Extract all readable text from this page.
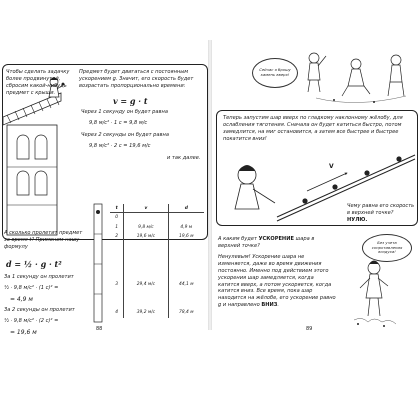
Чтобы сделать задачку более продвинутой, сбросим какой-нибудь предмет с крыши.

Предмет будет двигаться с постоянным ускорением g. Значит, его скорость будет возрастать пропорционально времени:

v = g · t

Через 1 секунду он будет равна

9,8 м/с² · 1 с = 9,8 м/с

Через 2 секунды он будет равна

9,8 м/с² · 2 с = 19,6 м/с

и так далее.

А сколько пролетит предмет за время t? Применим нашу формулу

d = ½ · g · t²

За 1 секунду он пролетит

½ · 9,8 м/с² · (1 с)² =

= 4,9 м

За 2 секунды он пролетит

½ · 9,8 м/с² · (2 с)² =

= 19,6 м

t	v	d
0		
1	9,8 м/с	4,9 м
2	19,6 м/с	19,6 м

3	29,4 м/с	44,1 м

4	39,2 м/с	78,4 м
88
Сейчас я брошу камень вверх!

Теперь запустим шар вверх по гладкому наклонному жёлобу, для ослабления тяготения. Сначала он будет катиться быстро, потом замедлится, на миг остановится, а затем все быстрее и быстрее покатится вниз!

V

Чему равна его скорость в верхней точке? НУЛЮ.

А каким будет УСКОРЕНИЕ шара в верхней точке?

Ненулевым! Ускорение шара не изменяется, даже во время движения постоянно. Именно под действием этого ускорения шар замедляется, когда катится вверх, а потом ускоряется, когда катится вниз. Все время, пока шар находится на жёлобе, его ускорение равно g и направлено ВНИЗ.

Без учета сопротивления воздуха!
89
